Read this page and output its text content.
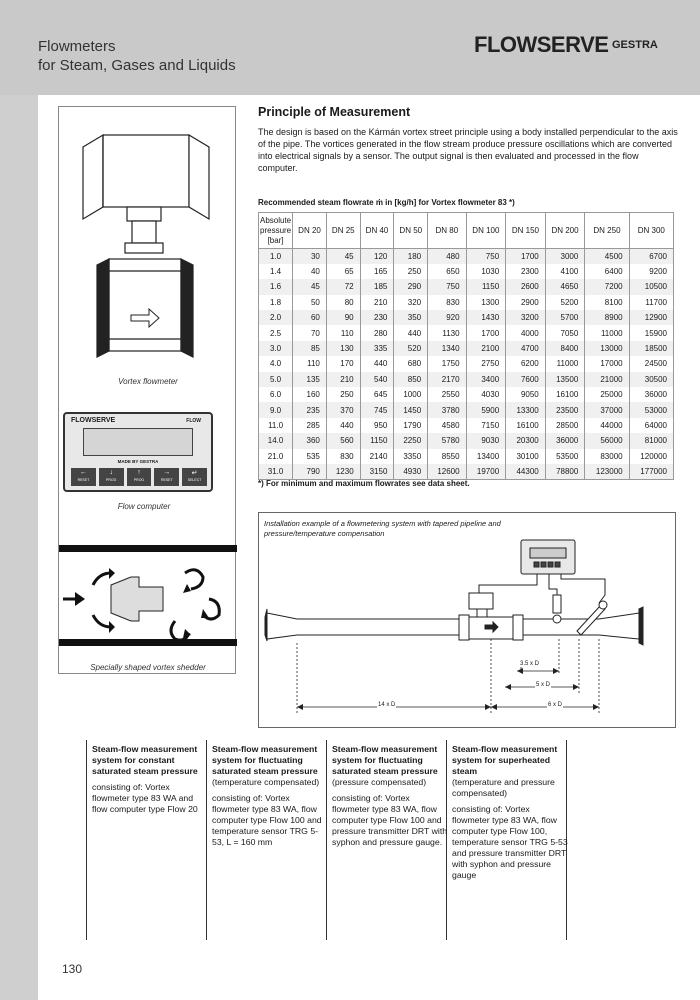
Flowmeters
for Steam, Gases and Liquids
FLOWSERVE GESTRA
Vortex flowmeter
FLOWSERVE	FLOW
MADE BY GESTRA
←
RESET
↓
PROG
↑
PROG
→
RESET
↵
SELECT
Flow computer
Specially shaped vortex shedder
Principle of Measurement

The design is based on the Kármán vortex street principle using a body installed perpendicular to the axis of the pipe. The vortices generated in the flow stream produce pressure oscillations which are converted into electrical signals by a sensor. The output signal is then evaluated and processed in the flow computer.

Recommended steam flowrate ṁ in [kg/h] for Vortex flowmeter 83 *)
Absolute pressure [bar]	DN 20	DN 25	DN 40	DN 50	DN 80	DN 100	DN 150	DN 200	DN 250	DN 300
1.0	30	45	120	180	480	750	1700	3000	4500	6700
1.4	40	65	165	250	650	1030	2300	4100	6400	9200
1.6	45	72	185	290	750	1150	2600	4650	7200	10500
1.8	50	80	210	320	830	1300	2900	5200	8100	11700
2.0	60	90	230	350	920	1430	3200	5700	8900	12900
2.5	70	110	280	440	1130	1700	4000	7050	11000	15900
3.0	85	130	335	520	1340	2100	4700	8400	13000	18500
4.0	110	170	440	680	1750	2750	6200	11000	17000	24500
5.0	135	210	540	850	2170	3400	7600	13500	21000	30500
6.0	160	250	645	1000	2550	4030	9050	16100	25000	36000
9.0	235	370	745	1450	3780	5900	13300	23500	37000	53000
11.0	285	440	950	1790	4580	7150	16100	28500	44000	64000
14.0	360	560	1150	2250	5780	9030	20300	36000	56000	81000
21.0	535	830	2140	3350	8550	13400	30100	53500	83000	120000
31.0	790	1230	3150	4930	12600	19700	44300	78800	123000	177000
*) For minimum and maximum flowrates see data sheet.
3.5 x D
5 x D
14 x D	6 x D
Installation example of a flowmetering system with tapered pipeline and pressure/temperature compensation
Steam-flow measurement system for constant saturated steam pressure
consisting of: Vortex flowmeter type 83 WA and flow computer type Flow 20
Steam-flow measurement system for fluctuating saturated steam pressure
(temperature compensated)
consisting of: Vortex flowmeter type 83 WA, flow computer type Flow 100 and temperature sensor TRG 5-53, L = 160 mm
Steam-flow measurement system for fluctuating saturated steam pressure
(pressure compensated)
consisting of: Vortex flowmeter type 83 WA, flow computer type Flow 100 and pressure transmitter DRT with syphon and pressure gauge.
Steam-flow measurement system for superheated steam
(temperature and pressure compensated)
consisting of: Vortex flowmeter type 83 WA, flow computer type Flow 100, temperature sensor TRG 5-53 and pressure transmitter DRT with syphon and pressure gauge
130
